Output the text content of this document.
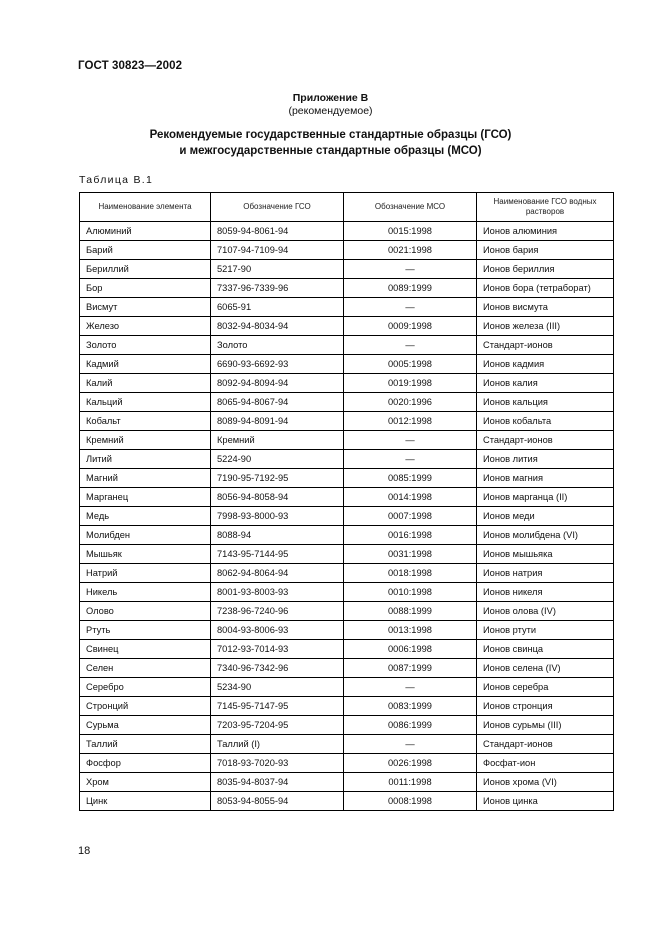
ГОСТ 30823—2002
Приложение В
(рекомендуемое)
Рекомендуемые государственные стандартные образцы (ГСО)
и межгосударственные стандартные образцы (МСО)
Таблица В.1
Наименование элемента	Обозначение ГСО	Обозначение МСО	Наименование ГСО водных растворов
Алюминий	8059-94-8061-94	0015:1998	Ионов алюминия
Барий	7107-94-7109-94	0021:1998	Ионов бария
Бериллий	5217-90	—	Ионов бериллия
Бор	7337-96-7339-96	0089:1999	Ионов бора (тетраборат)
Висмут	6065-91	—	Ионов висмута
Железо	8032-94-8034-94	0009:1998	Ионов железа (III)
Золото	Золото	—	Стандарт-ионов
Кадмий	6690-93-6692-93	0005:1998	Ионов кадмия
Калий	8092-94-8094-94	0019:1998	Ионов калия
Кальций	8065-94-8067-94	0020:1996	Ионов кальция
Кобальт	8089-94-8091-94	0012:1998	Ионов кобальта
Кремний	Кремний	—	Стандарт-ионов
Литий	5224-90	—	Ионов лития
Магний	7190-95-7192-95	0085:1999	Ионов магния
Марганец	8056-94-8058-94	0014:1998	Ионов марганца (II)
Медь	7998-93-8000-93	0007:1998	Ионов меди
Молибден	8088-94	0016:1998	Ионов молибдена (VI)
Мышьяк	7143-95-7144-95	0031:1998	Ионов мышьяка
Натрий	8062-94-8064-94	0018:1998	Ионов натрия
Никель	8001-93-8003-93	0010:1998	Ионов никеля
Олово	7238-96-7240-96	0088:1999	Ионов олова (IV)
Ртуть	8004-93-8006-93	0013:1998	Ионов ртути
Свинец	7012-93-7014-93	0006:1998	Ионов свинца
Селен	7340-96-7342-96	0087:1999	Ионов селена (IV)
Серебро	5234-90	—	Ионов серебра
Стронций	7145-95-7147-95	0083:1999	Ионов стронция
Сурьма	7203-95-7204-95	0086:1999	Ионов сурьмы (III)
Таллий	Таллий (I)	—	Стандарт-ионов
Фосфор	7018-93-7020-93	0026:1998	Фосфат-ион
Хром	8035-94-8037-94	0011:1998	Ионов хрома (VI)
Цинк	8053-94-8055-94	0008:1998	Ионов цинка
18
